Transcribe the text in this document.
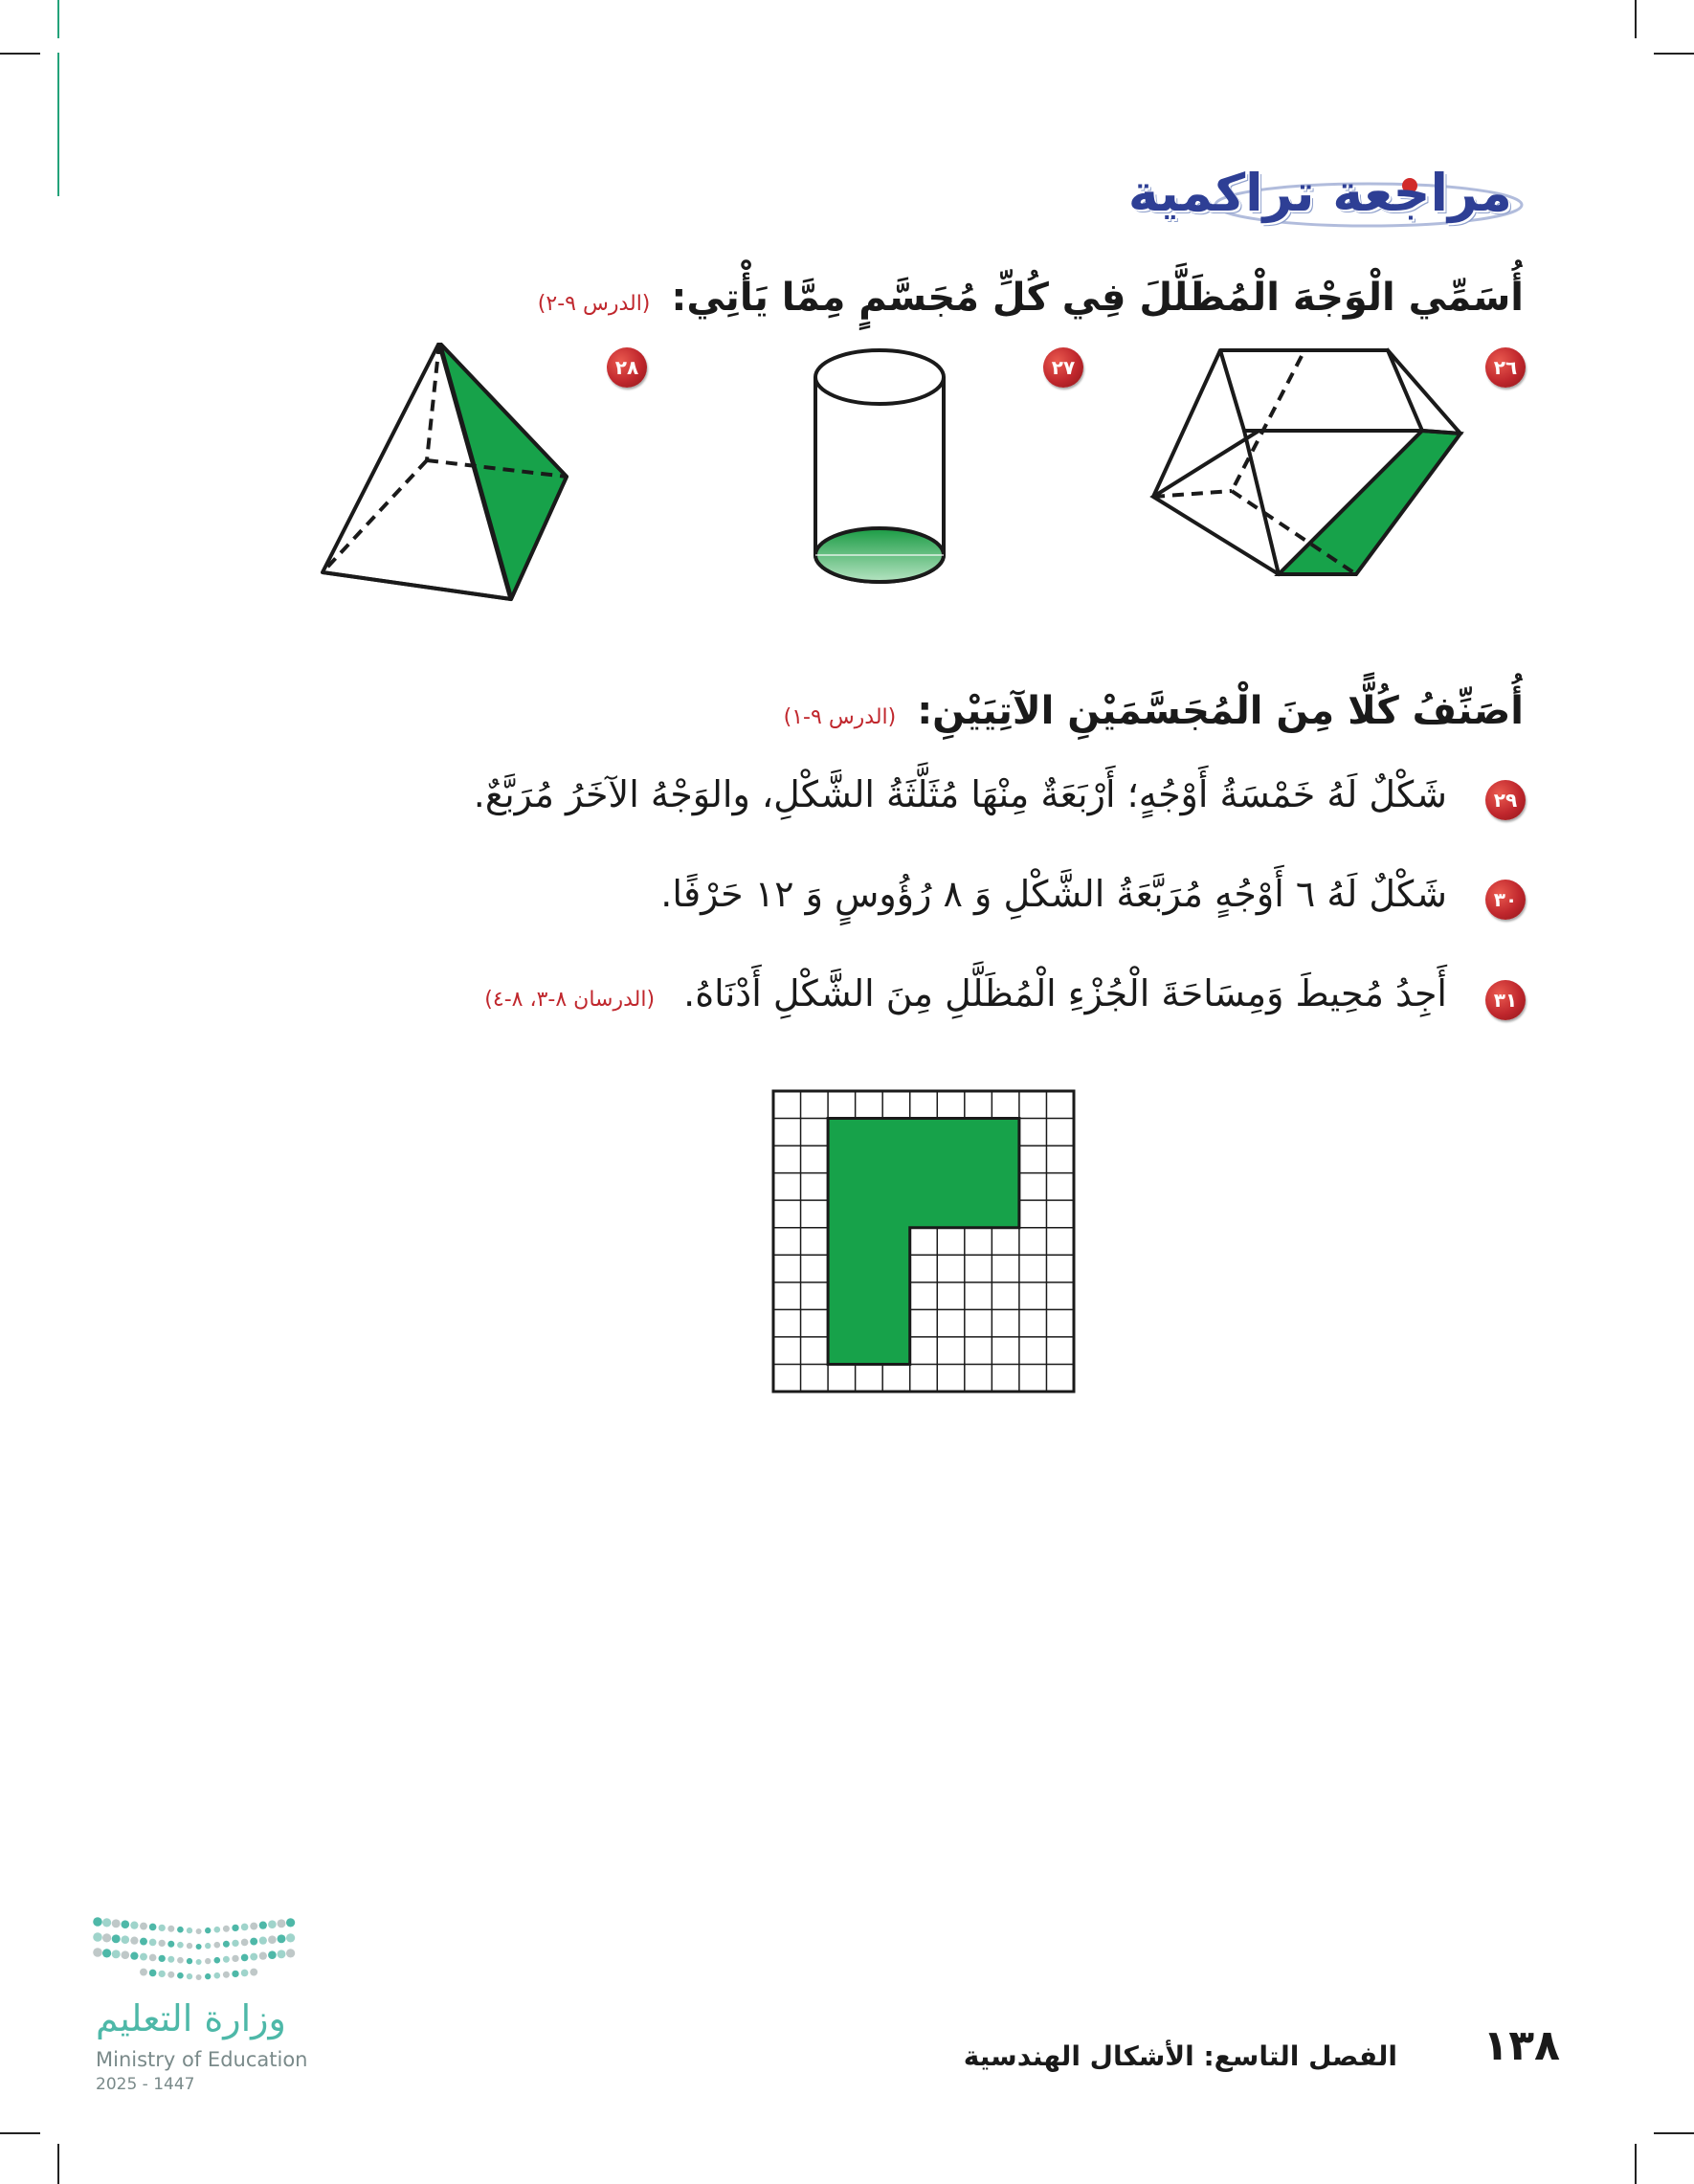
مراجعة تراكمية
أُسَمِّي الْوَجْهَ الْمُظَلَّلَ فِي كُلِّ مُجَسَّمٍ مِمَّا يَأْتِي: (الدرس ٩-٢)
٢٦
٢٧
٢٨
أُصَنِّفُ كُلًّا مِنَ الْمُجَسَّمَيْنِ الآتِيَيْنِ: (الدرس ٩-١)
٢٩
شَكْلٌ لَهُ خَمْسَةُ أَوْجُهٍ؛ أَرْبَعَةٌ مِنْهَا مُثَلَّثَةُ الشَّكْلِ، والوَجْهُ الآخَرُ مُرَبَّعٌ.
٣٠
شَكْلٌ لَهُ ٦ أَوْجُهٍ مُرَبَّعَةُ الشَّكْلِ وَ ٨ رُؤُوسٍ وَ ١٢ حَرْفًا.
٣١
أَجِدُ مُحِيطَ وَمِسَاحَةَ الْجُزْءِ الْمُظَلَّلِ مِنَ الشَّكْلِ أَدْنَاهُ. (الدرسان ٨-٣، ٨-٤)
١٣٨
الفصل التاسع: الأشكال الهندسية
وزارة التعليم
Ministry of Education
2025 - 1447
